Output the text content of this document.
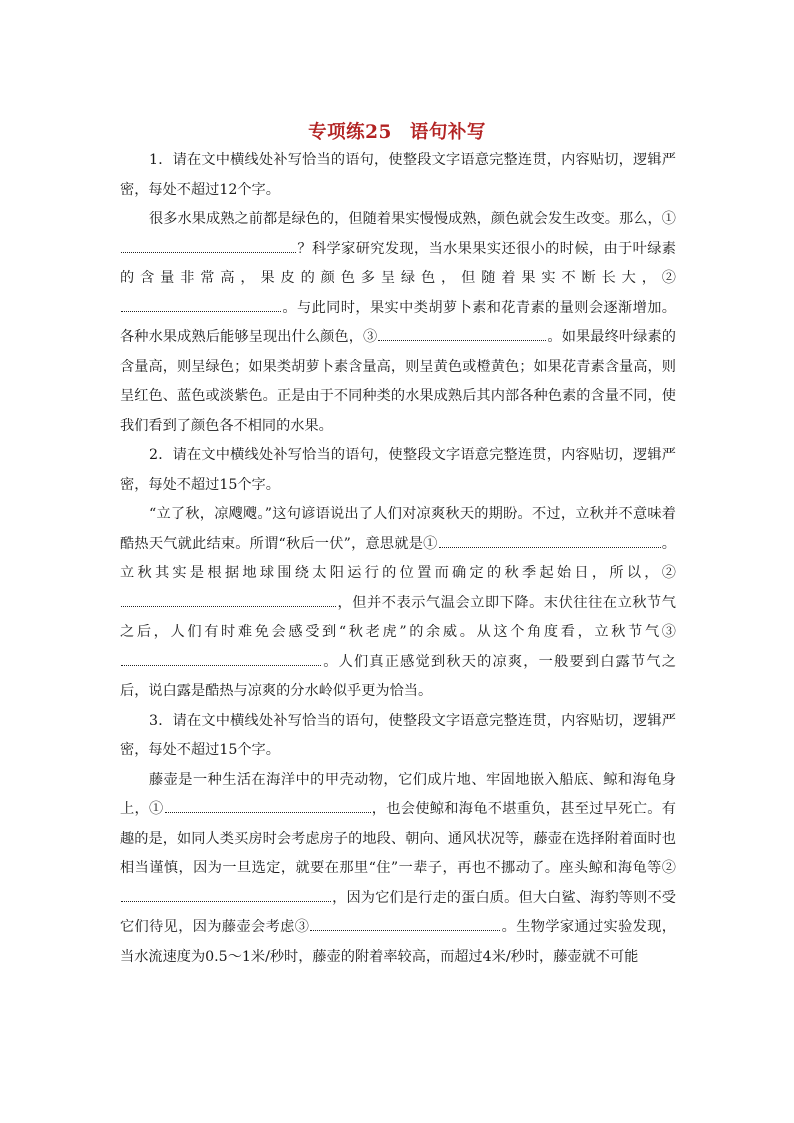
专项练25 语句补写

1．请在文中横线处补写恰当的语句，使整段文字语意完整连贯，内容贴切，逻辑严密，每处不超过12个字。

很多水果成熟之前都是绿色的，但随着果实慢慢成熟，颜色就会发生改变。那么，①？科学家研究发现，当水果果实还很小的时候，由于叶绿素的含量非常高，果皮的颜色多呈绿色，但随着果实不断长大，②。与此同时，果实中类胡萝卜素和花青素的量则会逐渐增加。各种水果成熟后能够呈现出什么颜色，③	。如果最终叶绿素的含量高，则呈绿色；如果类胡萝卜素含量高，则呈黄色或橙黄色；如果花青素含量高，则呈红色、蓝色或淡紫色。正是由于不同种类的水果成熟后其内部各种色素的含量不同，使我们看到了颜色各不相同的水果。

2．请在文中横线处补写恰当的语句，使整段文字语意完整连贯，内容贴切，逻辑严密，每处不超过15个字。

“立了秋，凉飕飕。”这句谚语说出了人们对凉爽秋天的期盼。不过，立秋并不意味着酷热天气就此结束。所谓“秋后一伏”，意思就是①	。立秋其实是根据地球围绕太阳运行的位置而确定的秋季起始日，所以，②，但并不表示气温会立即下降。末伏往往在立秋节气之后，人们有时难免会感受到“秋老虎”的余威。从这个角度看，立秋节气③。人们真正感觉到秋天的凉爽，一般要到白露节气之后，说白露是酷热与凉爽的分水岭似乎更为恰当。

3．请在文中横线处补写恰当的语句，使整段文字语意完整连贯，内容贴切，逻辑严密，每处不超过15个字。

藤壶是一种生活在海洋中的甲壳动物，它们成片地、牢固地嵌入船底、鲸和海龟身上，①	，也会使鲸和海龟不堪重负，甚至过早死亡。有趣的是，如同人类买房时会考虑房子的地段、朝向、通风状况等，藤壶在选择附着面时也相当谨慎，因为一旦选定，就要在那里“住”一辈子，再也不挪动了。座头鲸和海龟等②，因为它们是行走的蛋白质。但大白鲨、海豹等则不受它们待见，因为藤壶会考虑③	。生物学家通过实验发现，当水流速度为0.5～1米/秒时，藤壶的附着率较高，而超过4米/秒时，藤壶就不可能
